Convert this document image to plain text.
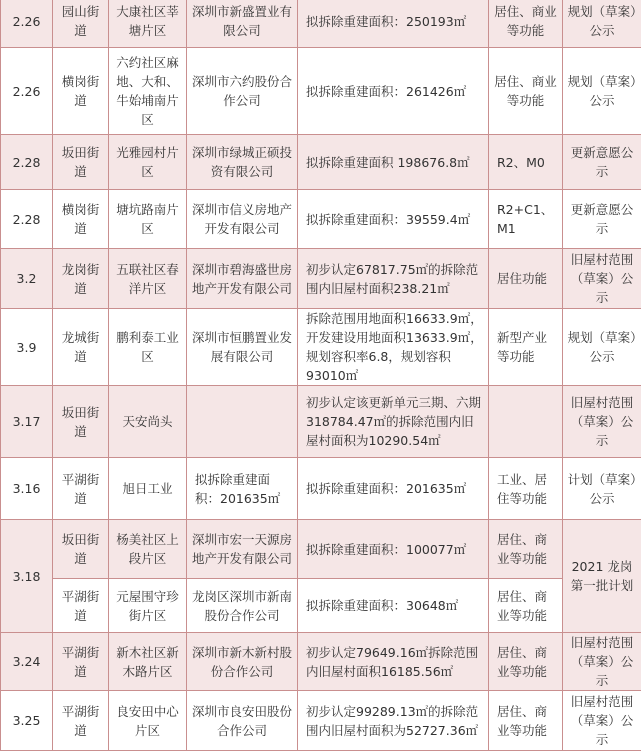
2.26	园山街道	大康社区莘塘片区	深圳市新盛置业有限公司	拟拆除重建面积：250193㎡	居住、商业等功能	规划（草案）公示
2.26	横岗街道	六约社区麻地、大和、牛始埔南片区	深圳市六约股份合作公司	拟拆除重建面积：261426㎡	居住、商业等功能	规划（草案）公示
2.28	坂田街道	光雅园村片区	深圳市绿城正硕投资有限公司	拟拆除重建面积 198676.8㎡	R2、M0	更新意愿公示
2.28	横岗街道	塘坑路南片区	深圳市信义房地产开发有限公司	拟拆除重建面积：39559.4㎡	R2+C1、M1	更新意愿公示
3.2	龙岗街道	五联社区春洋片区	深圳市碧海盛世房地产开发有限公司	初步认定67817.75㎡的拆除范围内旧屋村面积238.21㎡	居住功能	旧屋村范围（草案）公示
3.9	龙城街道	鹏利泰工业区	深圳市恒鹏置业发展有限公司	拆除范围用地面积16633.9㎡，开发建设用地面积13633.9㎡，规划容积率6.8，规划容积93010㎡	新型产业等功能	规划（草案）公示
3.17	坂田街道	天安尚头		初步认定该更新单元三期、六期318784.47㎡的拆除范围内旧屋村面积为10290.54㎡		旧屋村范围（草案）公示
3.16	平湖街道	旭日工业	拟拆除重建面积：201635㎡	拟拆除重建面积：201635㎡	工业、居住等功能	计划（草案）公示
3.18	坂田街道	杨美社区上段片区	深圳市宏一天源房地产开发有限公司	拟拆除重建面积：100077㎡	居住、商业等功能	2021 龙岗第一批计划
	平湖街道	元屋围守珍街片区	龙岗区深圳市新南股份合作公司	拟拆除重建面积：30648㎡	居住、商业等功能	
3.24	平湖街道	新木社区新木路片区	深圳市新木新村股份合作公司	初步认定79649.16㎡拆除范围内旧屋村面积16185.56㎡	居住、商业等功能	旧屋村范围（草案）公示
3.25	平湖街道	良安田中心片区	深圳市良安田股份合作公司	初步认定99289.13㎡的拆除范围内旧屋村面积为52727.36㎡	居住、商业等功能	旧屋村范围（草案）公示
